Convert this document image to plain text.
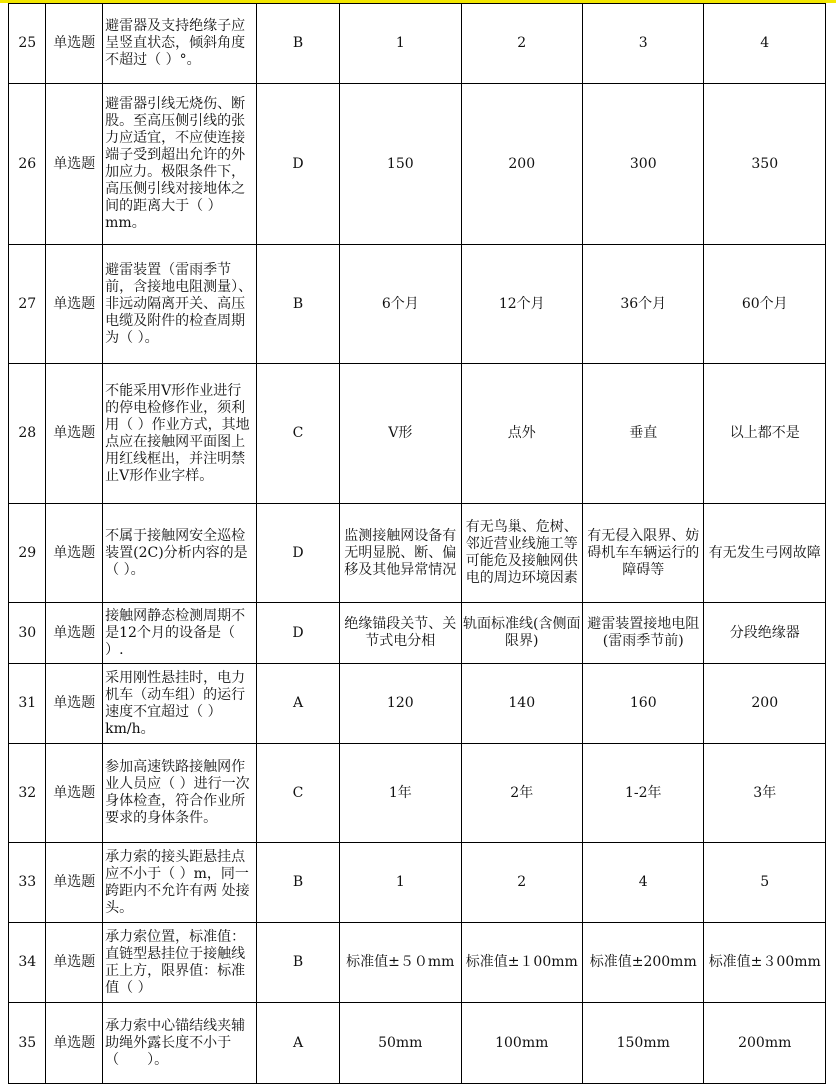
25	单选题	避雷器及支持绝缘子应呈竖直状态，倾斜角度不超过（ ）°。	B	1	2	3	4
26	单选题	避雷器引线无烧伤、断股。至高压侧引线的张力应适宜，不应使连接端子受到超出允许的外加应力。极限条件下，高压侧引线对接地体之间的距离大于（ ）mm。	D	150	200	300	350
27	单选题	避雷装置（雷雨季节前，含接地电阻测量）、非远动隔离开关、高压电缆及附件的检查周期为（ ）。	B	6个月	12个月	36个月	60个月
28	单选题	不能采用V形作业进行的停电检修作业，须利用（ ）作业方式，其地点应在接触网平面图上用红线框出，并注明禁止V形作业字样。	C	V形	点外	垂直	以上都不是
29	单选题	不属于接触网安全巡检装置(2C)分析内容的是（ ）。	D	监测接触网设备有无明显脱、断、偏移及其他异常情况	有无鸟巢、危树、邻近营业线施工等可能危及接触网供电的周边环境因素	有无侵入限界、妨碍机车车辆运行的障碍等	有无发生弓网故障
30	单选题	接触网静态检测周期不是12个月的设备是（ ）.	D	绝缘锚段关节、关节式电分相	轨面标准线(含侧面限界)	避雷装置接地电阻(雷雨季节前)	分段绝缘器
31	单选题	采用刚性悬挂时，电力机车（动车组）的运行速度不宜超过（ ）km/h。	A	120	140	160	200
32	单选题	参加高速铁路接触网作业人员应（ ）进行一次身体检查，符合作业所要求的身体条件。	C	1年	2年	1-2年	3年
33	单选题	承力索的接头距悬挂点应不小于（ ）m，同一跨距内不允许有两 处接头。	B	1	2	4	5
34	单选题	承力索位置，标准值：直链型悬挂位于接触线正上方，限界值：标准值（ ）	B	标准值±５０mm	标准值±１00mm	标准值±200mm	标准值±３00mm
35	单选题	承力索中心锚结线夹辅助绳外露长度不小于（　　）。	A	50mm	100mm	150mm	200mm
